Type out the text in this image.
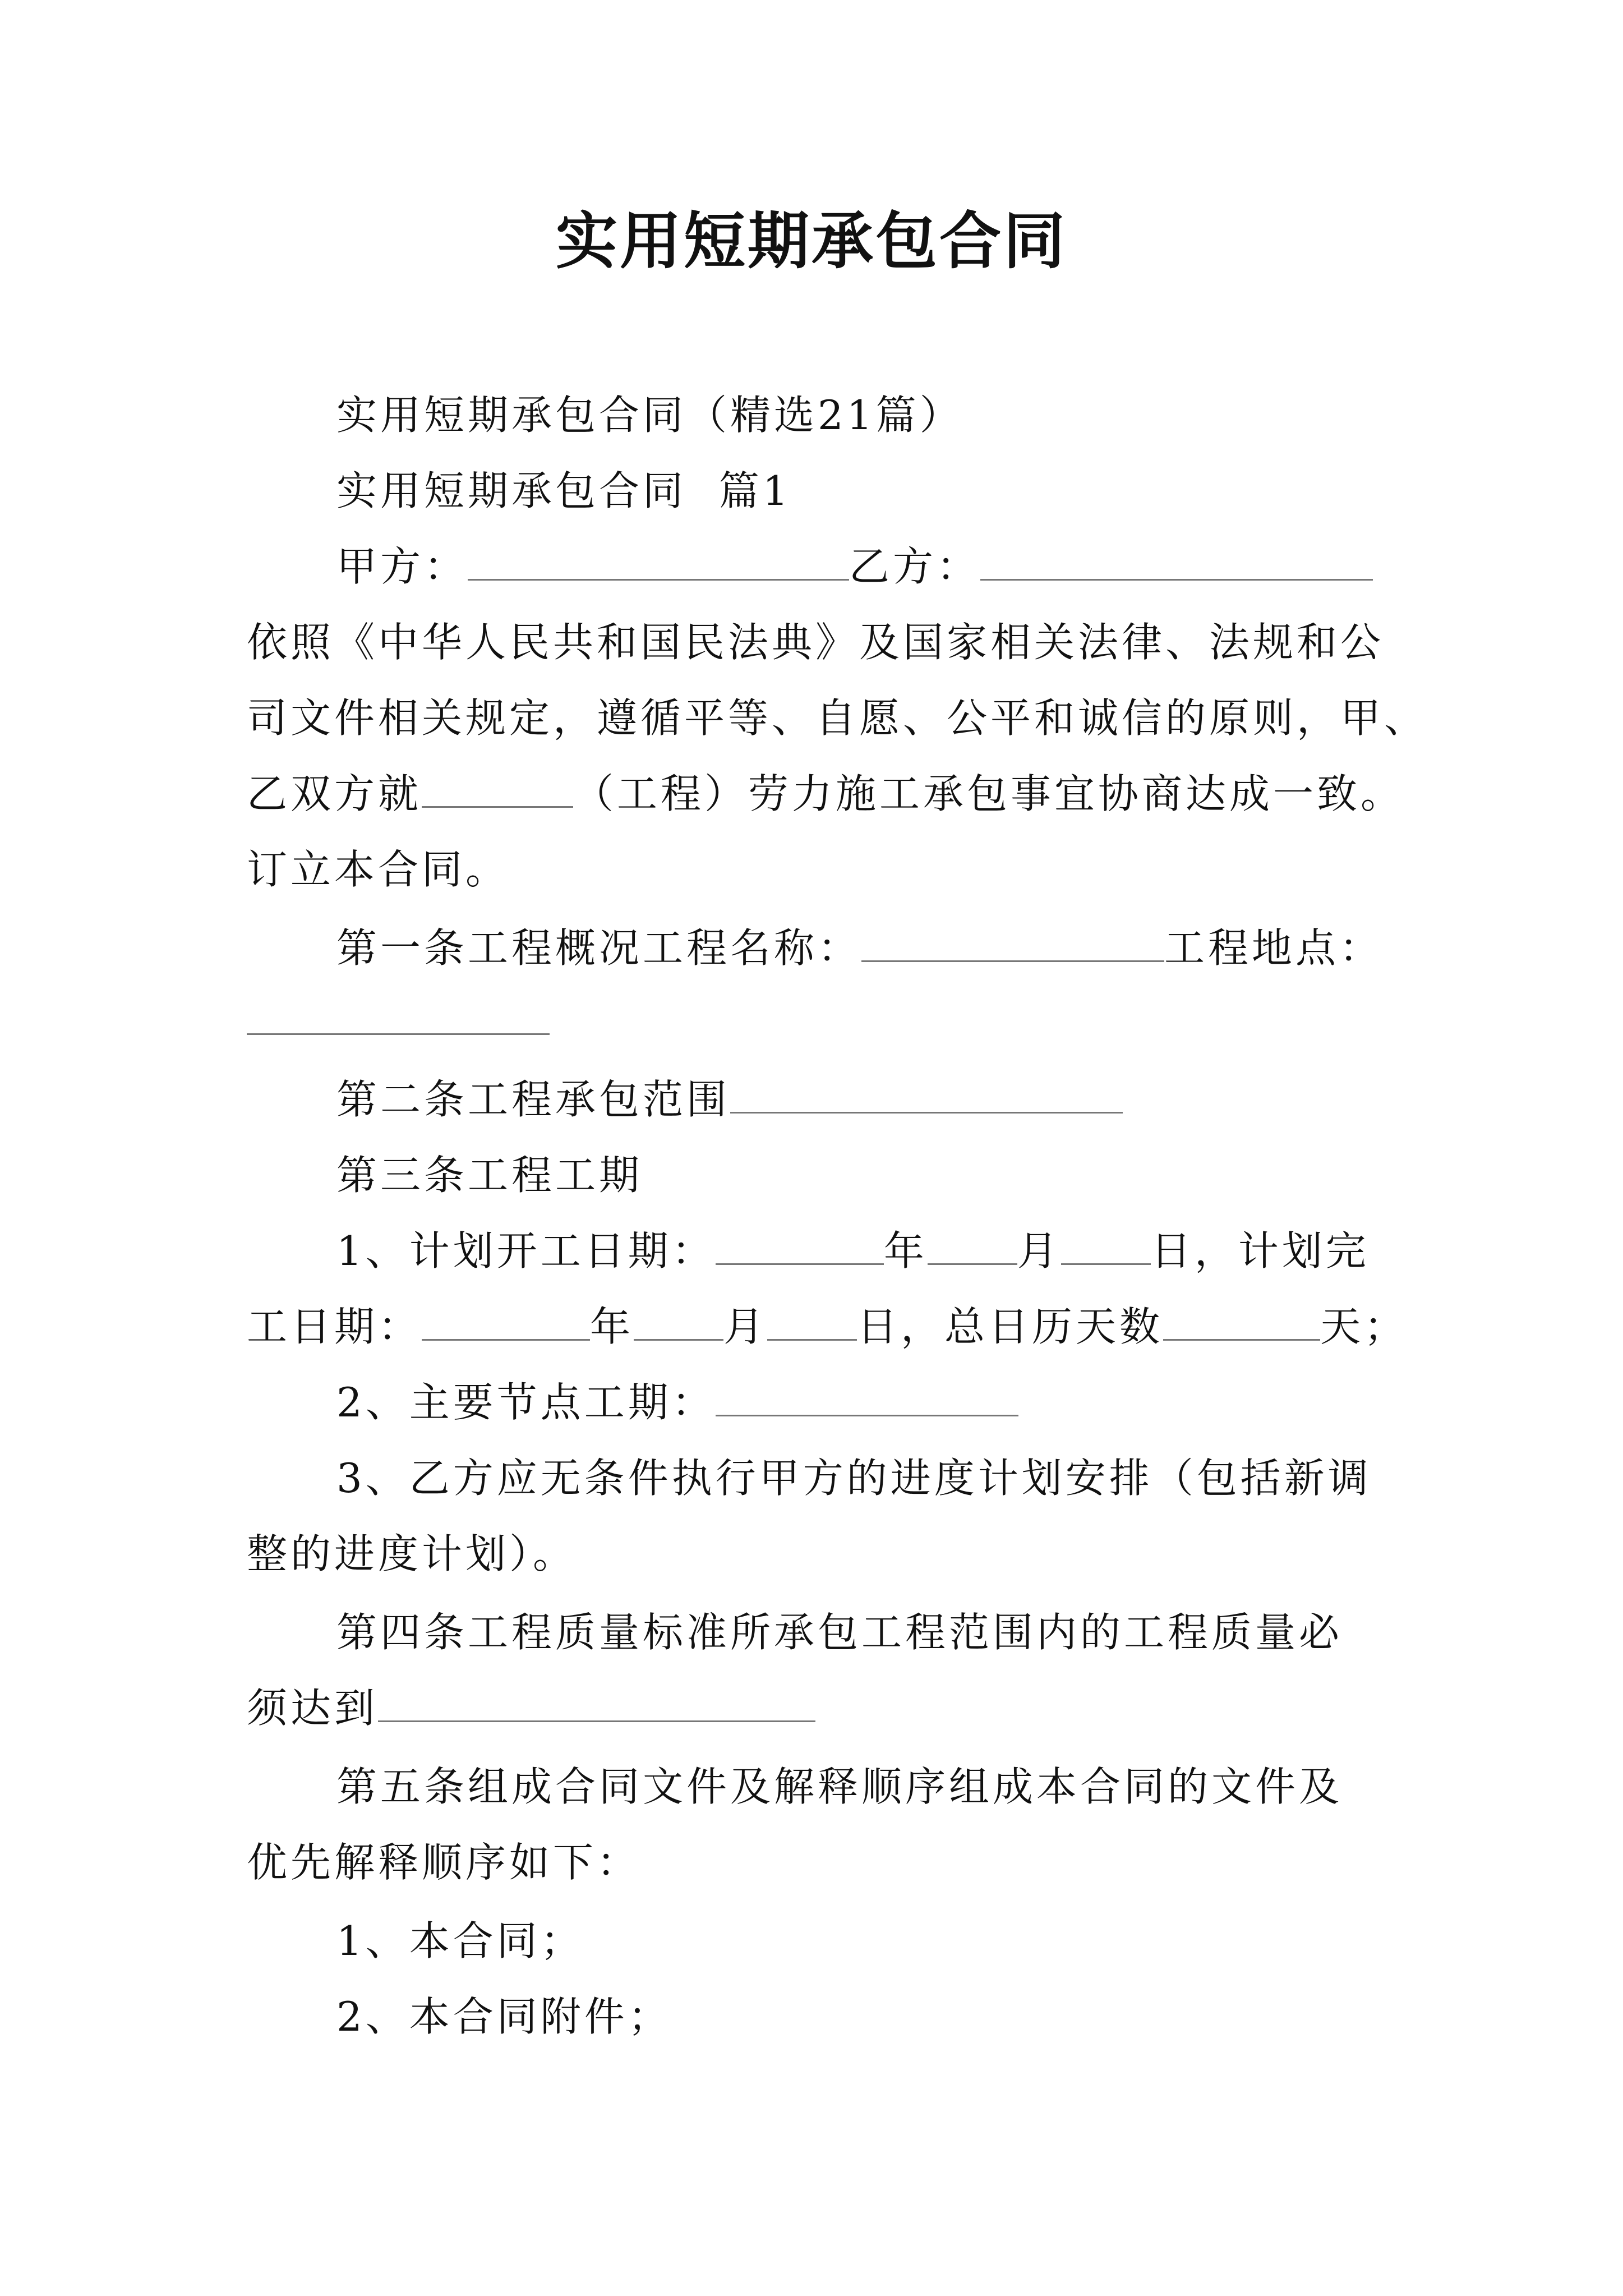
实用短期承包合同
实用短期承包合同（精选21篇）
实用短期承包合同  篇1
甲方：	乙方：
依照《中华人民共和国民法典》及国家相关法律、法规和公
司文件相关规定，遵循平等、自愿、公平和诚信的原则，甲、
乙双方就	（工程）劳力施工承包事宜协商达成一致。
订立本合同。
第一条工程概况工程名称：	工程地点：
第二条工程承包范围
第三条工程工期
1、计划开工日期：	年 月 日，计划完
工日期：	年 月 日，总日历天数	天；
2、主要节点工期：
3、乙方应无条件执行甲方的进度计划安排（包括新调
整的进度计划）。
第四条工程质量标准所承包工程范围内的工程质量必
须达到
第五条组成合同文件及解释顺序组成本合同的文件及
优先解释顺序如下：
1、本合同；
2、本合同附件；
